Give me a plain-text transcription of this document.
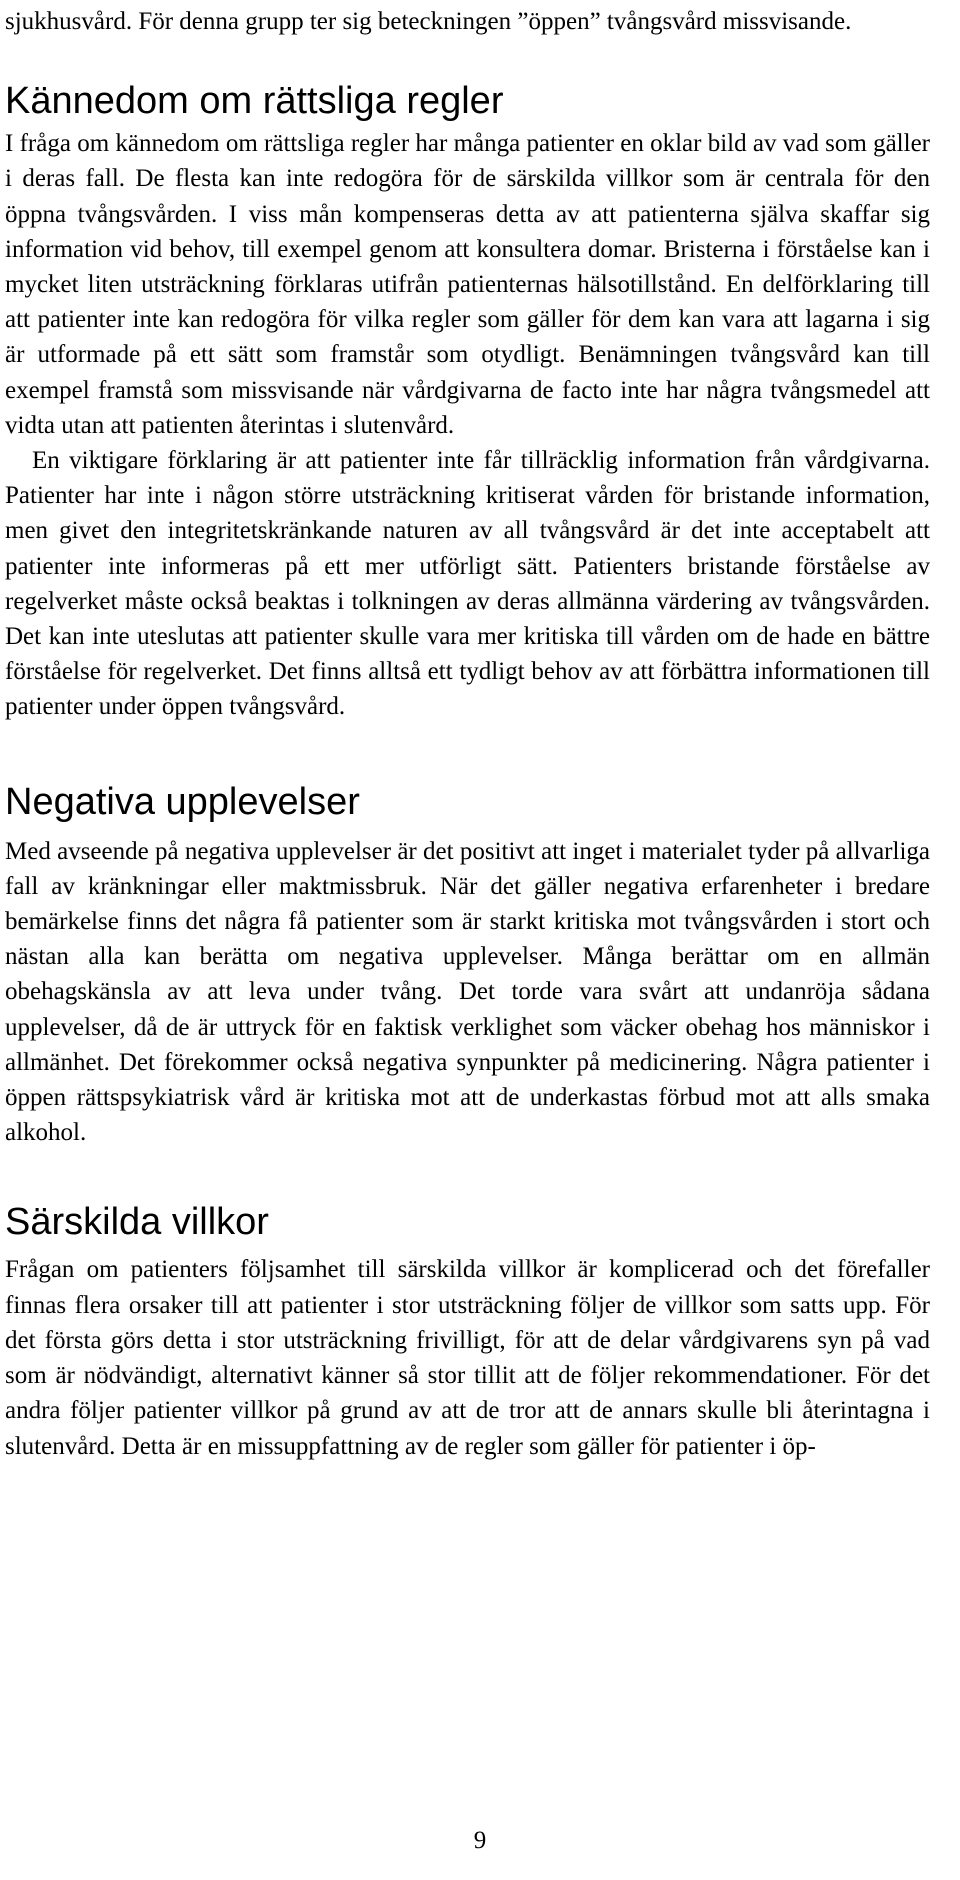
sjukhusvård. För denna grupp ter sig beteckningen ”öppen” tvångsvård missvisande.

Kännedom om rättsliga regler

I fråga om kännedom om rättsliga regler har många patienter en oklar bild av vad som gäller i deras fall. De flesta kan inte redogöra för de särskilda villkor som är centrala för den öppna tvångsvården. I viss mån kompenseras detta av att patienterna själva skaffar sig information vid behov, till exempel genom att konsultera domar. Bristerna i förståelse kan i mycket liten utsträckning förklaras utifrån patienternas hälsotillstånd. En delförklaring till att patienter inte kan redogöra för vilka regler som gäller för dem kan vara att lagarna i sig är utformade på ett sätt som framstår som otydligt. Benämningen tvångsvård kan till exempel framstå som missvisande när vårdgivarna de facto inte har några tvångsmedel att vidta utan att patienten återintas i slutenvård.

En viktigare förklaring är att patienter inte får tillräcklig information från vårdgivarna. Patienter har inte i någon större utsträckning kritiserat vården för bristande information, men givet den integritetskränkande naturen av all tvångsvård är det inte acceptabelt att patienter inte informeras på ett mer utförligt sätt. Patienters bristande förståelse av regelverket måste också beaktas i tolkningen av deras allmänna värdering av tvångsvården. Det kan inte uteslutas att patienter skulle vara mer kritiska till vården om de hade en bättre förståelse för regelverket. Det finns alltså ett tydligt behov av att förbättra informationen till patienter under öppen tvångsvård.

Negativa upplevelser

Med avseende på negativa upplevelser är det positivt att inget i materialet tyder på allvarliga fall av kränkningar eller maktmissbruk. När det gäller negativa erfarenheter i bredare bemärkelse finns det några få patienter som är starkt kritiska mot tvångsvården i stort och nästan alla kan berätta om negativa upplevelser. Många berättar om en allmän obehagskänsla av att leva under tvång. Det torde vara svårt att undanröja sådana upplevelser, då de är uttryck för en faktisk verklighet som väcker obehag hos människor i allmänhet. Det förekommer också negativa synpunkter på medicinering. Några patienter i öppen rättspsykiatrisk vård är kritiska mot att de underkastas förbud mot att alls smaka alkohol.

Särskilda villkor

Frågan om patienters följsamhet till särskilda villkor är komplicerad och det förefaller finnas flera orsaker till att patienter i stor utsträckning följer de villkor som satts upp. För det första görs detta i stor utsträckning frivilligt, för att de delar vårdgivarens syn på vad som är nödvändigt, alternativt känner så stor tillit att de följer rekommendationer. För det andra följer patienter villkor på grund av att de tror att de annars skulle bli återintagna i slutenvård. Detta är en missuppfattning av de regler som gäller för patienter i öp-

9
